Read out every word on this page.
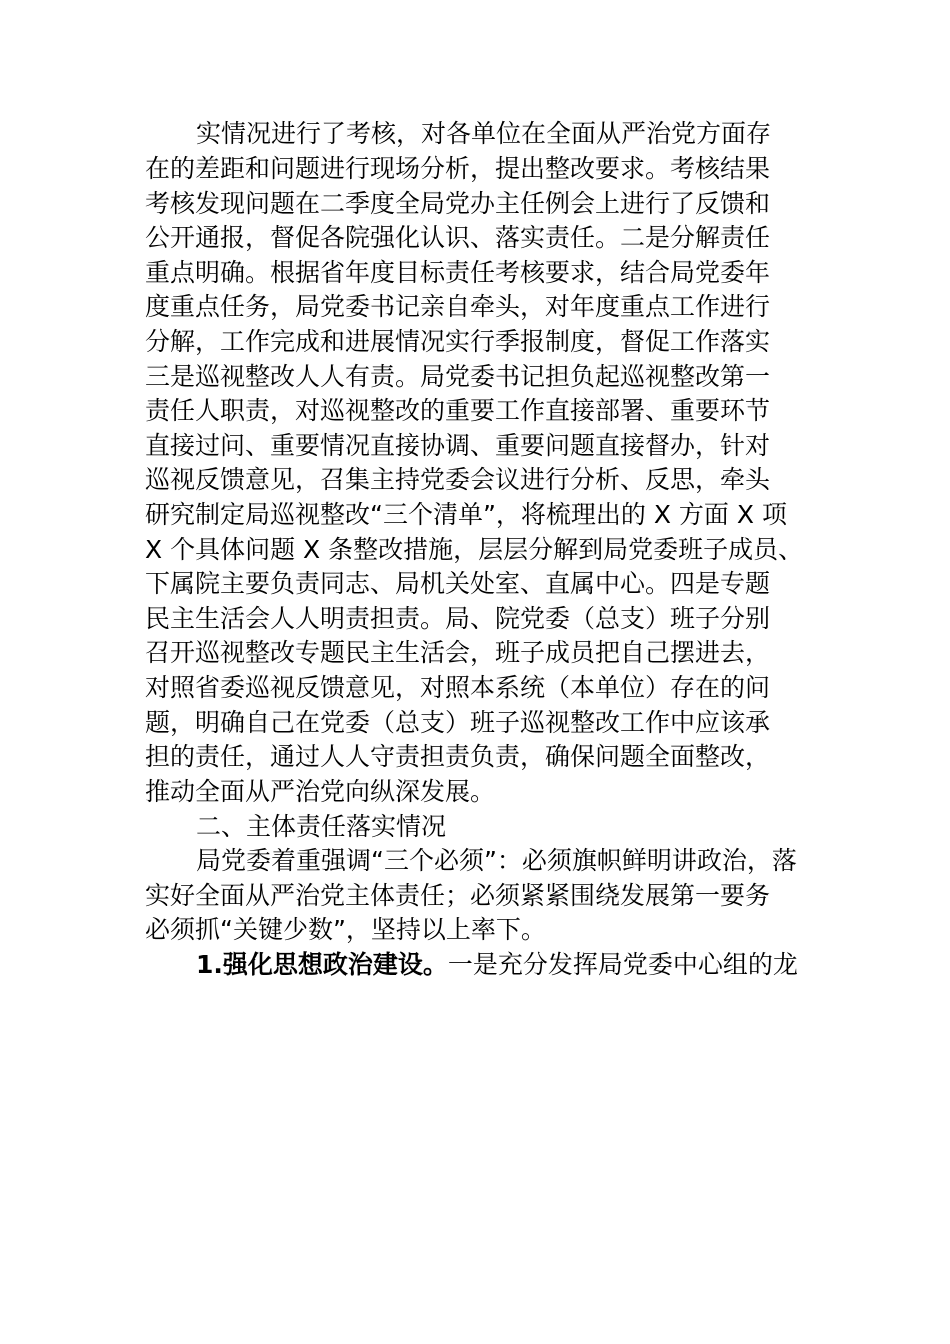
实情况进行了考核，对各单位在全面从严治党方面存
在的差距和问题进行现场分析，提出整改要求。考核结果
考核发现问题在二季度全局党办主任例会上进行了反馈和
公开通报，督促各院强化认识、落实责任。二是分解责任
重点明确。根据省年度目标责任考核要求，结合局党委年
度重点任务，局党委书记亲自牵头，对年度重点工作进行
分解，工作完成和进展情况实行季报制度，督促工作落实
三是巡视整改人人有责。局党委书记担负起巡视整改第一
责任人职责，对巡视整改的重要工作直接部署、重要环节
直接过问、重要情况直接协调、重要问题直接督办，针对
巡视反馈意见，召集主持党委会议进行分析、反思，牵头
研究制定局巡视整改“三个清单”，将梳理出的 X 方面 X 项
X 个具体问题 X 条整改措施，层层分解到局党委班子成员、
下属院主要负责同志、局机关处室、直属中心。四是专题
民主生活会人人明责担责。局、院党委（总支）班子分别
召开巡视整改专题民主生活会，班子成员把自己摆进去，
对照省委巡视反馈意见，对照本系统（本单位）存在的问
题，明确自己在党委（总支）班子巡视整改工作中应该承
担的责任，通过人人守责担责负责，确保问题全面整改，
推动全面从严治党向纵深发展。
二、主体责任落实情况
局党委着重强调“三个必须”：必须旗帜鲜明讲政治，落
实好全面从严治党主体责任；必须紧紧围绕发展第一要务
必须抓“关键少数”，坚持以上率下。
1.强化思想政治建设。一是充分发挥局党委中心组的龙
